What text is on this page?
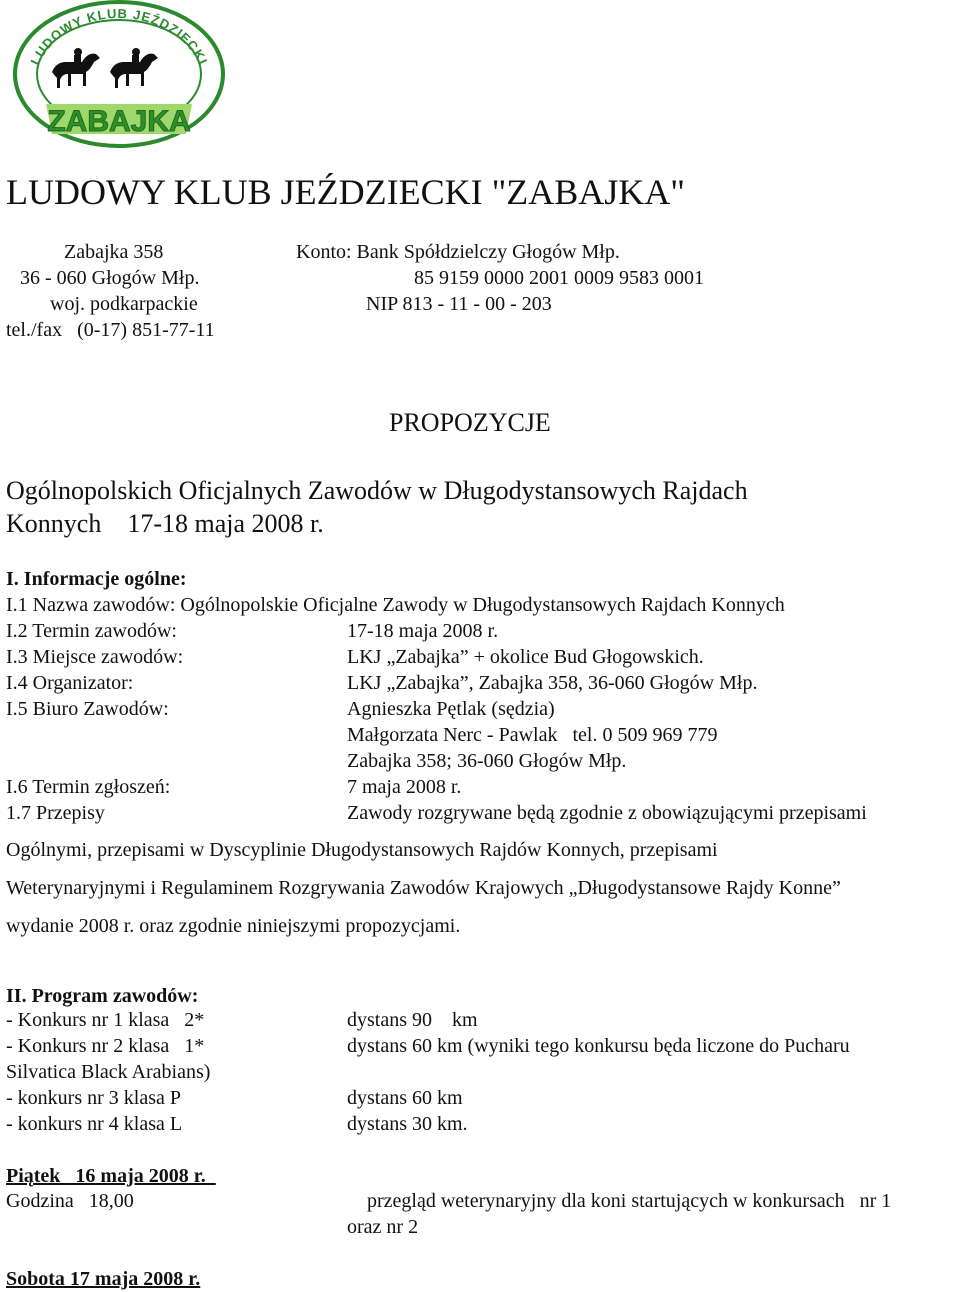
LUDOWY KLUB JEŹDZIECKI
ZABAJKA
LUDOWY KLUB JEŹDZIECKI "ZABAJKA"
Zabajka 358
36 - 060 Głogów Młp.
woj. podkarpackie
tel./fax   (0-17) 851-77-11
Konto: Bank Spółdzielczy Głogów Młp.
85 9159 0000 2001 0009 9583 0001
NIP 813 - 11 - 00 - 203
PROPOZYCJE
Ogólnopolskich Oficjalnych Zawodów w Długodystansowych Rajdach
Konnych    17-18 maja 2008 r.
I. Informacje ogólne:
I.1 Nazwa zawodów: Ogólnopolskie Oficjalne Zawody w Długodystansowych Rajdach Konnych
I.2 Termin zawodów:	17-18 maja 2008 r.
I.3 Miejsce zawodów:	LKJ „Zabajka” + okolice Bud Głogowskich.
I.4 Organizator:	LKJ „Zabajka”, Zabajka 358, 36-060 Głogów Młp.
I.5 Biuro Zawodów:	Agnieszka Pętlak (sędzia)
Małgorzata Nerc - Pawlak   tel. 0 509 969 779
Zabajka 358; 36-060 Głogów Młp.
I.6 Termin zgłoszeń:	7 maja 2008 r.
1.7 Przepisy	Zawody rozgrywane będą zgodnie z obowiązującymi przepisami
Ogólnymi, przepisami w Dyscyplinie Długodystansowych Rajdów Konnych, przepisami
Weterynaryjnymi i Regulaminem Rozgrywania Zawodów Krajowych „Długodystansowe Rajdy Konne”
wydanie 2008 r. oraz zgodnie niniejszymi propozycjami.
II. Program zawodów:
- Konkurs nr 1 klasa   2*	dystans 90    km
- Konkurs nr 2 klasa   1*	dystans 60 km (wyniki tego konkursu będa liczone do Pucharu
Silvatica Black Arabians)
- konkurs nr 3 klasa P	dystans 60 km
- konkurs nr 4 klasa L	dystans 30 km.
Piątek   16 maja 2008 r.
Godzina   18,00	przegląd weterynaryjny dla koni startujących w konkursach   nr 1
oraz nr 2
Sobota 17 maja 2008 r.
